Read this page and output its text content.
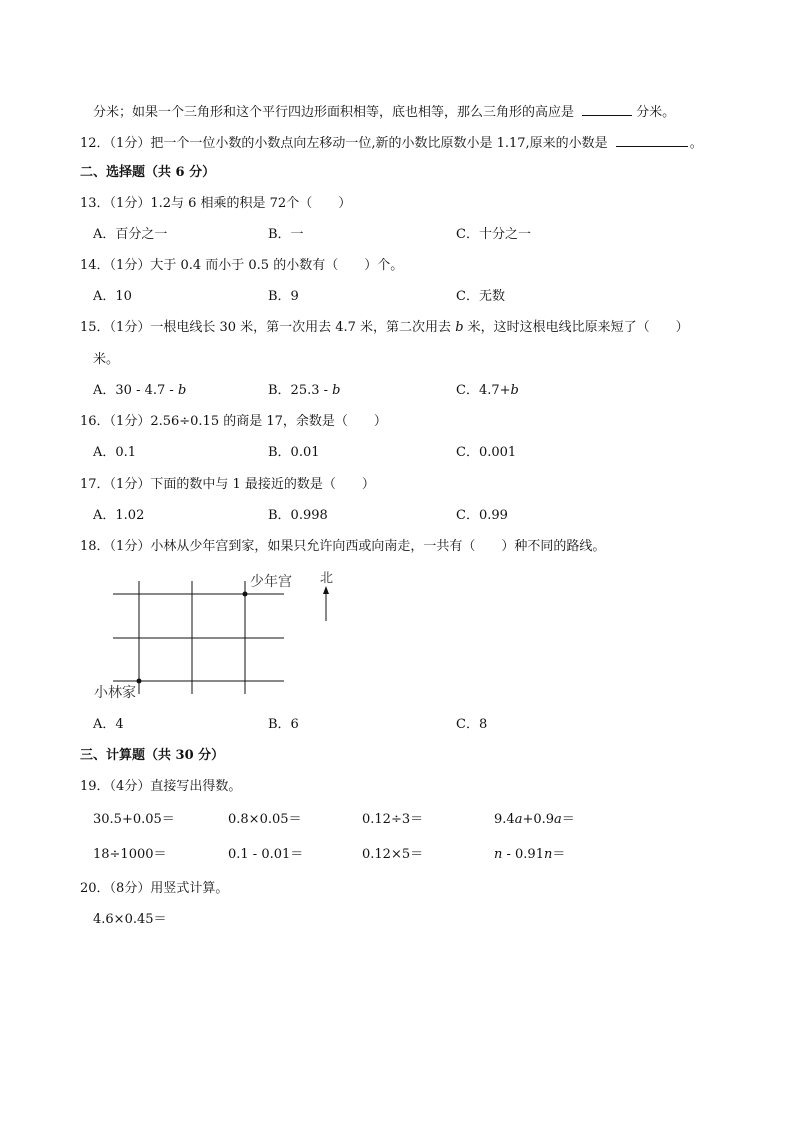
分米；如果一个三角形和这个平行四边形面积相等，底也相等，那么三角形的高应是	分米。
12．（1分）把一个一位小数的小数点向左移动一位,新的小数比原数小是 1.17,原来的小数是	。
二、选择题（共 6 分）
13．（1分）1.2与 6 相乘的积是 72个（　　）
A．百分之一	B．一	C．十分之一
14．（1分）大于 0.4 而小于 0.5 的小数有（　　）个。
A．10	B．9	C．无数
15．（1分）一根电线长 30 米，第一次用去 4.7 米，第二次用去 b 米，这时这根电线比原来短了（　　）
米。
A．30 - 4.7 - b	B．25.3 - b	C．4.7+b
16．（1分）2.56÷0.15 的商是 17，余数是（　　）
A．0.1	B．0.01	C．0.001
17．（1分）下面的数中与 1 最接近的数是（　　）
A．1.02	B．0.998	C．0.99
18．（1分）小林从少年宫到家，如果只允许向西或向南走，一共有（　　）种不同的路线。
少年宫
小林家
北
A．4	B．6	C．8
三、计算题（共 30 分）
19．（4分）直接写出得数。
30.5+0.05＝	0.8×0.05＝	0.12÷3＝	9.4a+0.9a＝
18÷1000＝	0.1 - 0.01＝	0.12×5＝	n - 0.91n＝
20．（8分）用竖式计算。
4.6×0.45＝
